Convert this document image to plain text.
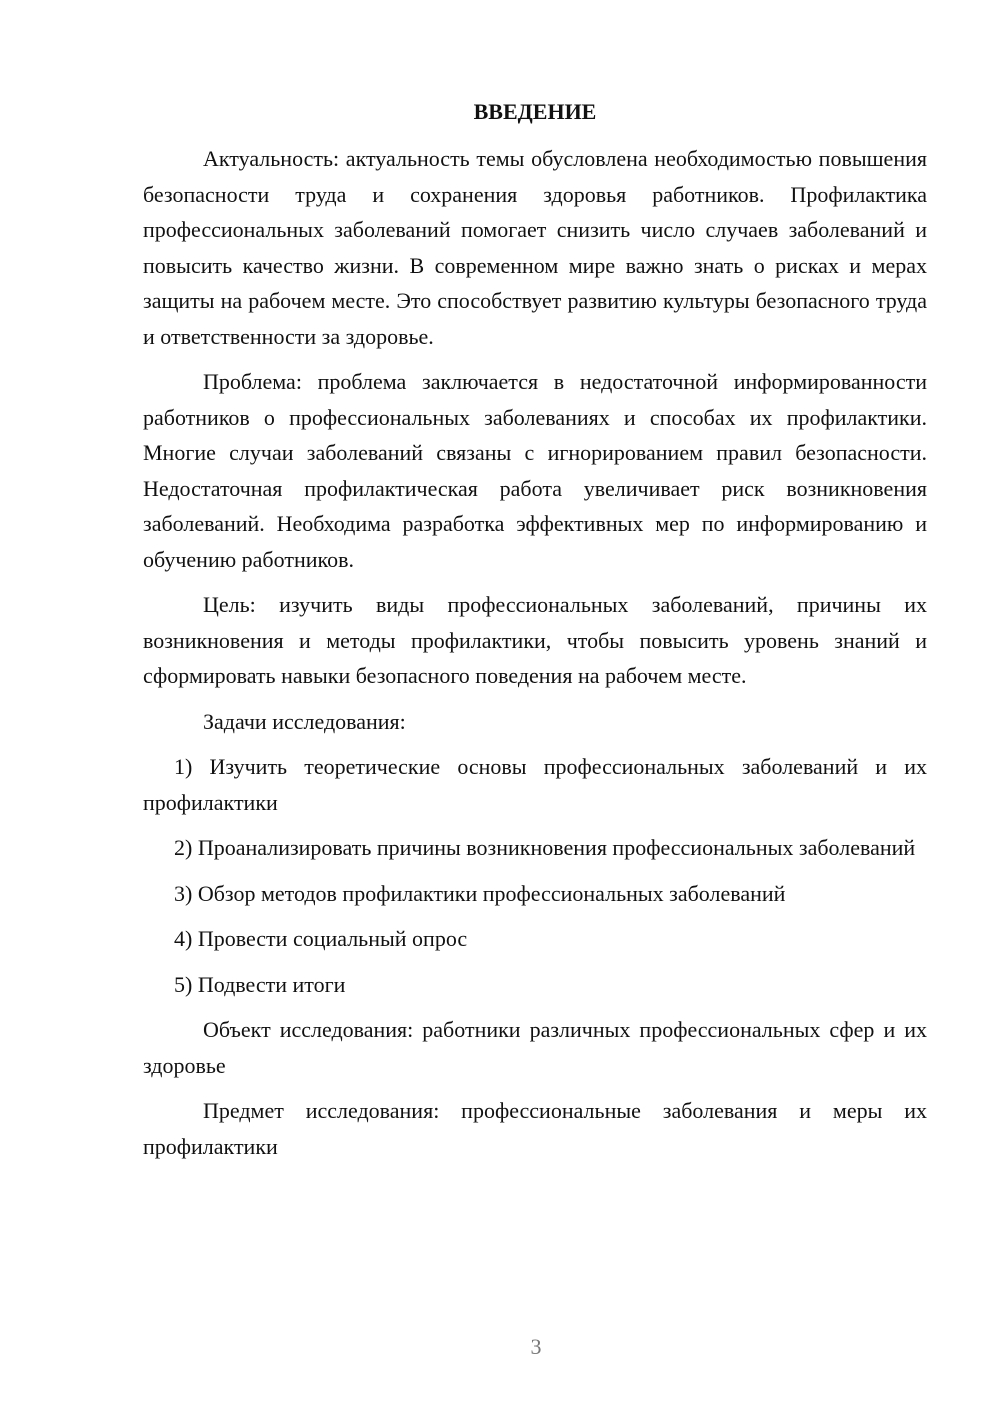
ВВЕДЕНИЕ

Актуальность: актуальность темы обусловлена необходимостью повышения безопасности труда и сохранения здоровья работников. Профилактика профессиональных заболеваний помогает снизить число случаев заболеваний и повысить качество жизни. В современном мире важно знать о рисках и мерах защиты на рабочем месте. Это способствует развитию культуры безопасного труда и ответственности за здоровье.

Проблема: проблема заключается в недостаточной информированности работников о профессиональных заболеваниях и способах их профилактики. Многие случаи заболеваний связаны с игнорированием правил безопасности. Недостаточная профилактическая работа увеличивает риск возникновения заболеваний. Необходима разработка эффективных мер по информированию и обучению работников.

Цель: изучить виды профессиональных заболеваний, причины их возникновения и методы профилактики, чтобы повысить уровень знаний и сформировать навыки безопасного поведения на рабочем месте.

Задачи исследования:

1) Изучить теоретические основы профессиональных заболеваний и их профилактики
2) Проанализировать причины возникновения профессиональных заболеваний
3) Обзор методов профилактики профессиональных заболеваний
4) Провести социальный опрос
5) Подвести итоги

Объект исследования: работники различных профессиональных сфер и их здоровье

Предмет исследования: профессиональные заболевания и меры их профилактики

3
